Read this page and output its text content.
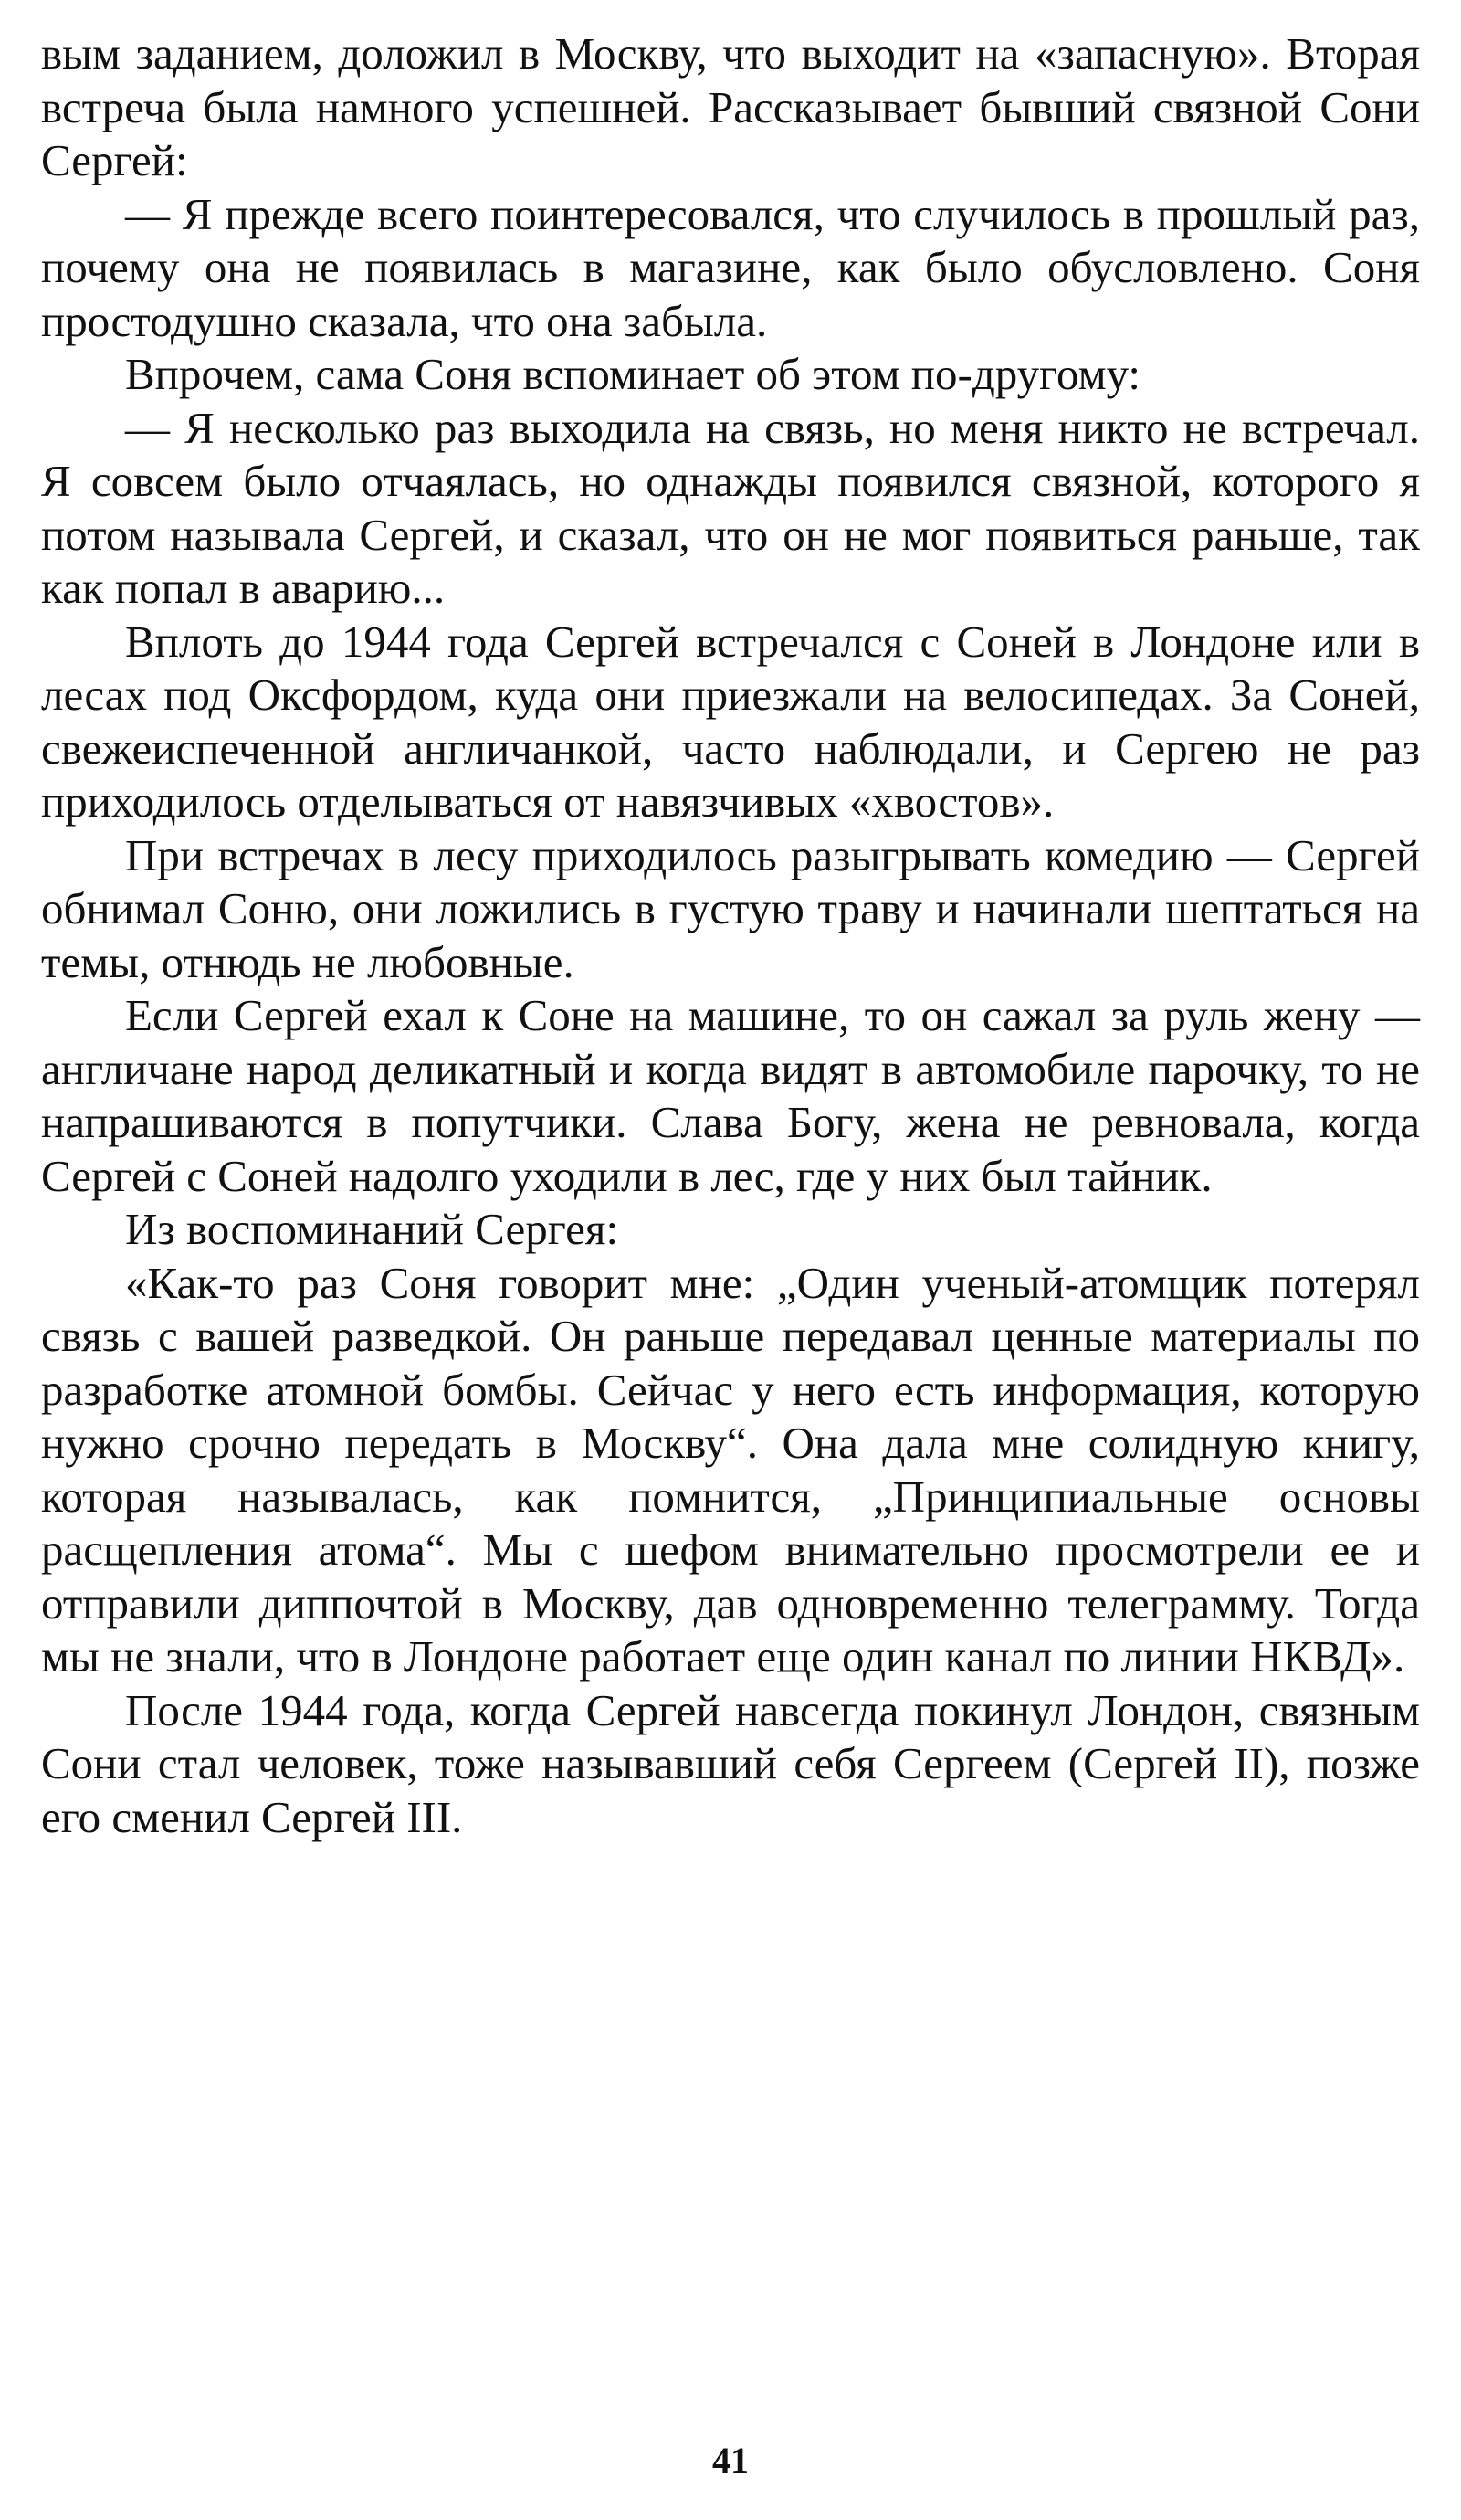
вым заданием, доложил в Москву, что выходит на «запасную». Вторая встреча была намного успешней. Рассказывает бывший связной Сони Сергей:

— Я прежде всего поинтересовался, что случилось в прошлый раз, почему она не появилась в магазине, как было обусловлено. Соня простодушно сказала, что она забыла.

Впрочем, сама Соня вспоминает об этом по-другому:

— Я несколько раз выходила на связь, но меня никто не встречал. Я совсем было отчаялась, но однажды появился связной, которого я потом называла Сергей, и сказал, что он не мог появиться раньше, так как попал в аварию...

Вплоть до 1944 года Сергей встречался с Соней в Лондоне или в лесах под Оксфордом, куда они приезжали на велосипедах. За Соней, свежеиспеченной англичанкой, часто наблюдали, и Сергею не раз приходилось отделываться от навязчивых «хвостов».

При встречах в лесу приходилось разыгрывать комедию — Сергей обнимал Соню, они ложились в густую траву и начинали шептаться на темы, отнюдь не любовные.

Если Сергей ехал к Соне на машине, то он сажал за руль жену — англичане народ деликатный и когда видят в автомобиле парочку, то не напрашиваются в попутчики. Слава Богу, жена не ревновала, когда Сергей с Соней надолго уходили в лес, где у них был тайник.

Из воспоминаний Сергея:

«Как-то раз Соня говорит мне: „Один ученый-атомщик потерял связь с вашей разведкой. Он раньше передавал ценные материалы по разработке атомной бомбы. Сейчас у него есть информация, которую нужно срочно передать в Москву“. Она дала мне солидную книгу, которая называлась, как помнится, „Принципиальные основы расщепления атома“. Мы с шефом внимательно просмотрели ее и отправили диппочтой в Москву, дав одновременно телеграмму. Тогда мы не знали, что в Лондоне работает еще один канал по линии НКВД».

После 1944 года, когда Сергей навсегда покинул Лондон, связным Сони стал человек, тоже называвший себя Сергеем (Сергей II), позже его сменил Сергей III.

41
